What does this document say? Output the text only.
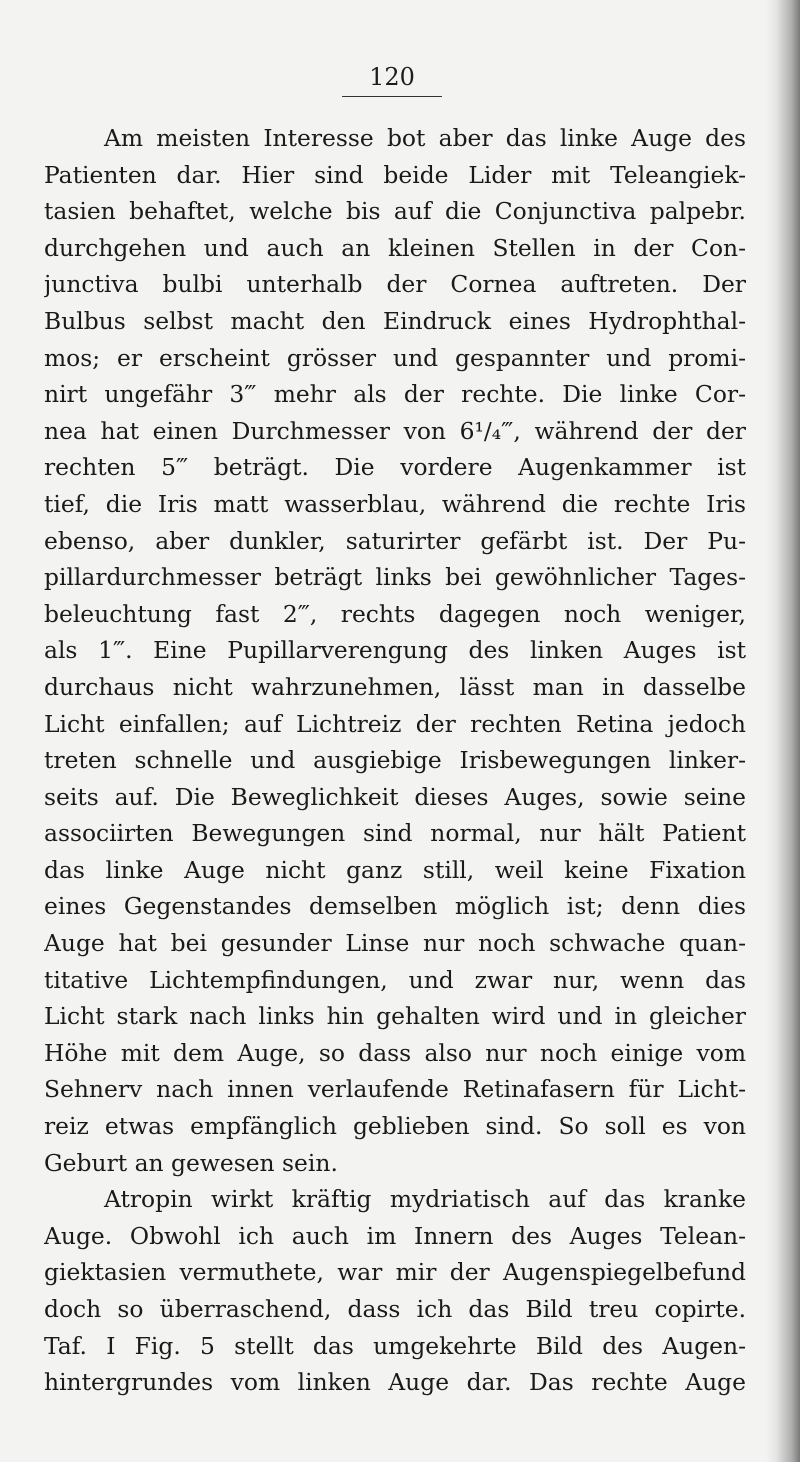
120
Am meisten Interesse bot aber das linke Auge des
Patienten dar. Hier sind beide Lider mit Teleangiek-
tasien behaftet, welche bis auf die Conjunctiva palpebr.
durchgehen und auch an kleinen Stellen in der Con-
junctiva bulbi unterhalb der Cornea auftreten. Der
Bulbus selbst macht den Eindruck eines Hydrophthal-
mos; er erscheint grösser und gespannter und promi-
nirt ungefähr 3‴ mehr als der rechte. Die linke Cor-
nea hat einen Durchmesser von 6¹/₄‴, während der der
rechten 5‴ beträgt. Die vordere Augenkammer ist
tief, die Iris matt wasserblau, während die rechte Iris
ebenso, aber dunkler, saturirter gefärbt ist. Der Pu-
pillardurchmesser beträgt links bei gewöhnlicher Tages-
beleuchtung fast 2‴, rechts dagegen noch weniger,
als 1‴. Eine Pupillarverengung des linken Auges ist
durchaus nicht wahrzunehmen, lässt man in dasselbe
Licht einfallen; auf Lichtreiz der rechten Retina jedoch
treten schnelle und ausgiebige Irisbewegungen linker-
seits auf. Die Beweglichkeit dieses Auges, sowie seine
associirten Bewegungen sind normal, nur hält Patient
das linke Auge nicht ganz still, weil keine Fixation
eines Gegenstandes demselben möglich ist; denn dies
Auge hat bei gesunder Linse nur noch schwache quan-
titative Lichtempfindungen, und zwar nur, wenn das
Licht stark nach links hin gehalten wird und in gleicher
Höhe mit dem Auge, so dass also nur noch einige vom
Sehnerv nach innen verlaufende Retinafasern für Licht-
reiz etwas empfänglich geblieben sind. So soll es von
Geburt an gewesen sein.
Atropin wirkt kräftig mydriatisch auf das kranke
Auge. Obwohl ich auch im Innern des Auges Telean-
giektasien vermuthete, war mir der Augenspiegelbefund
doch so überraschend, dass ich das Bild treu copirte.
Taf. I Fig. 5 stellt das umgekehrte Bild des Augen-
hintergrundes vom linken Auge dar. Das rechte Auge
